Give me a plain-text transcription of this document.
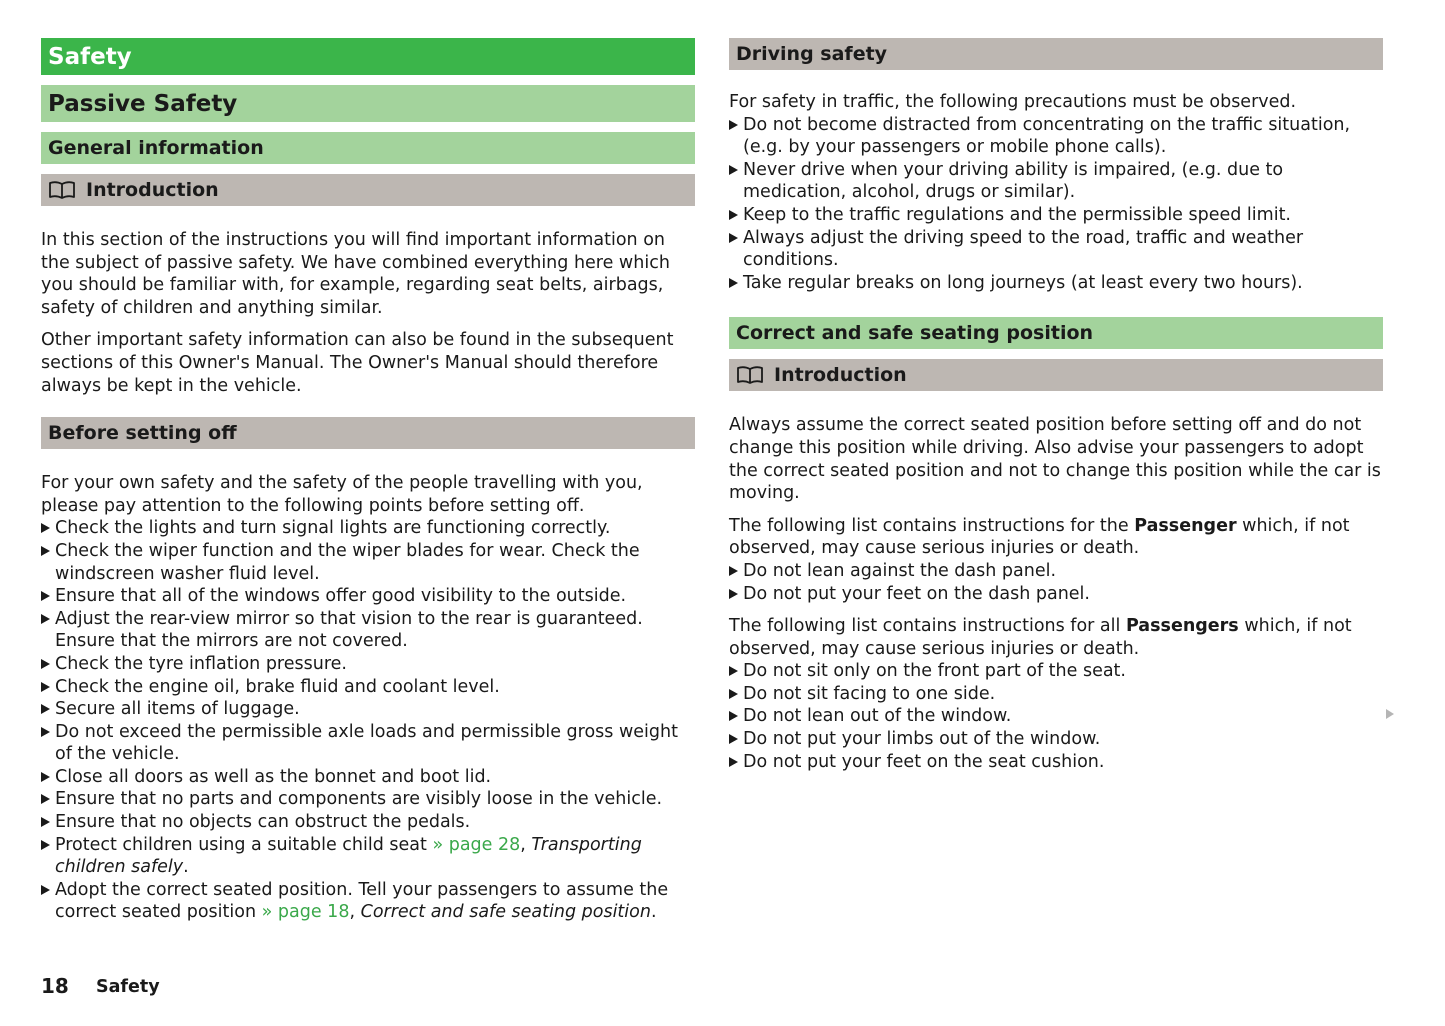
Safety
Passive Safety
General information
Introduction

In this section of the instructions you will find important information on the subject of passive safety. We have combined everything here which you should be familiar with, for example, regarding seat belts, airbags, safety of children and anything similar.

Other important safety information can also be found in the subsequent sections of this Owner's Manual. The Owner's Manual should therefore always be kept in the vehicle.

Before setting off

For your own safety and the safety of the people travelling with you, please pay attention to the following points before setting off.

Check the lights and turn signal lights are functioning correctly.
Check the wiper function and the wiper blades for wear. Check the windscreen washer fluid level.
Ensure that all of the windows offer good visibility to the outside.
Adjust the rear-view mirror so that vision to the rear is guaranteed. Ensure that the mirrors are not covered.
Check the tyre inflation pressure.
Check the engine oil, brake fluid and coolant level.
Secure all items of luggage.
Do not exceed the permissible axle loads and permissible gross weight of the vehicle.
Close all doors as well as the bonnet and boot lid.
Ensure that no parts and components are visibly loose in the vehicle.
Ensure that no objects can obstruct the pedals.
Protect children using a suitable child seat » page 28, Transporting children safely.
Adopt the correct seated position. Tell your passengers to assume the correct seated position » page 18, Correct and safe seating position.
Driving safety

For safety in traffic, the following precautions must be observed.

Do not become distracted from concentrating on the traffic situation, (e.g. by your passengers or mobile phone calls).
Never drive when your driving ability is impaired, (e.g. due to medication, alcohol, drugs or similar).
Keep to the traffic regulations and the permissible speed limit.
Always adjust the driving speed to the road, traffic and weather conditions.
Take regular breaks on long journeys (at least every two hours).
Correct and safe seating position
Introduction

Always assume the correct seated position before setting off and do not change this position while driving. Also advise your passengers to adopt the correct seated position and not to change this position while the car is moving.

The following list contains instructions for the Passenger which, if not observed, may cause serious injuries or death.

Do not lean against the dash panel.
Do not put your feet on the dash panel.

The following list contains instructions for all Passengers which, if not observed, may cause serious injuries or death.

Do not sit only on the front part of the seat.
Do not sit facing to one side.
Do not lean out of the window.
Do not put your limbs out of the window.
Do not put your feet on the seat cushion.
18 Safety
